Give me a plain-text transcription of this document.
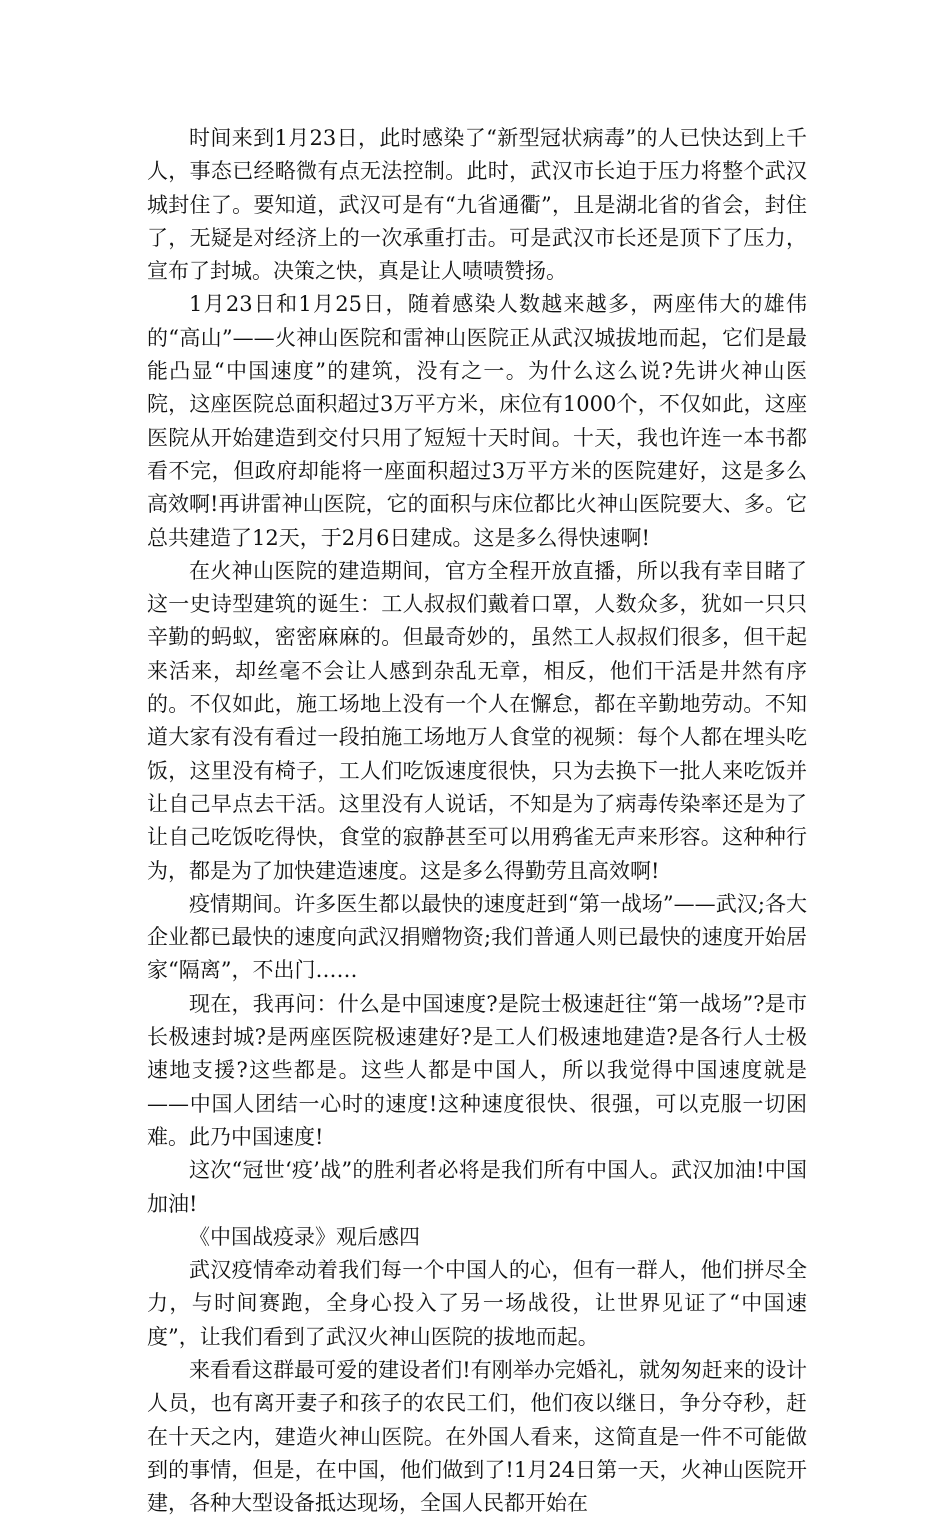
时间来到1月23日，此时感染了“新型冠状病毒”的人已快达到上千人，事态已经略微有点无法控制。此时，武汉市长迫于压力将整个武汉城封住了。要知道，武汉可是有“九省通衢”，且是湖北省的省会，封住了，无疑是对经济上的一次承重打击。可是武汉市长还是顶下了压力，宣布了封城。决策之快，真是让人啧啧赞扬。

1月23日和1月25日，随着感染人数越来越多，两座伟大的雄伟的“高山”——火神山医院和雷神山医院正从武汉城拔地而起，它们是最能凸显“中国速度”的建筑，没有之一。为什么这么说?先讲火神山医院，这座医院总面积超过3万平方米，床位有1000个，不仅如此，这座医院从开始建造到交付只用了短短十天时间。十天，我也许连一本书都看不完，但政府却能将一座面积超过3万平方米的医院建好，这是多么高效啊!再讲雷神山医院，它的面积与床位都比火神山医院要大、多。它总共建造了12天，于2月6日建成。这是多么得快速啊!

在火神山医院的建造期间，官方全程开放直播，所以我有幸目睹了这一史诗型建筑的诞生：工人叔叔们戴着口罩，人数众多，犹如一只只辛勤的蚂蚁，密密麻麻的。但最奇妙的，虽然工人叔叔们很多，但干起来活来，却丝毫不会让人感到杂乱无章，相反，他们干活是井然有序的。不仅如此，施工场地上没有一个人在懈怠，都在辛勤地劳动。不知道大家有没有看过一段拍施工场地万人食堂的视频：每个人都在埋头吃饭，这里没有椅子，工人们吃饭速度很快，只为去换下一批人来吃饭并让自己早点去干活。这里没有人说话，不知是为了病毒传染率还是为了让自己吃饭吃得快，食堂的寂静甚至可以用鸦雀无声来形容。这种种行为，都是为了加快建造速度。这是多么得勤劳且高效啊!

疫情期间。许多医生都以最快的速度赶到“第一战场”——武汉;各大企业都已最快的速度向武汉捐赠物资;我们普通人则已最快的速度开始居家“隔离”，不出门……

现在，我再问：什么是中国速度?是院士极速赶往“第一战场”?是市长极速封城?是两座医院极速建好?是工人们极速地建造?是各行人士极速地支援?这些都是。这些人都是中国人，所以我觉得中国速度就是——中国人团结一心时的速度!这种速度很快、很强，可以克服一切困难。此乃中国速度!

这次“冠世‘疫’战”的胜利者必将是我们所有中国人。武汉加油!中国加油!

《中国战疫录》观后感四

武汉疫情牵动着我们每一个中国人的心，但有一群人，他们拼尽全力，与时间赛跑，全身心投入了另一场战役，让世界见证了“中国速度”，让我们看到了武汉火神山医院的拔地而起。

来看看这群最可爱的建设者们!有刚举办完婚礼，就匆匆赶来的设计人员，也有离开妻子和孩子的农民工们，他们夜以继日，争分夺秒，赶在十天之内，建造火神山医院。在外国人看来，这简直是一件不可能做到的事情，但是，在中国，他们做到了!1月24日第一天，火神山医院开建，各种大型设备抵达现场，全国人民都开始在
